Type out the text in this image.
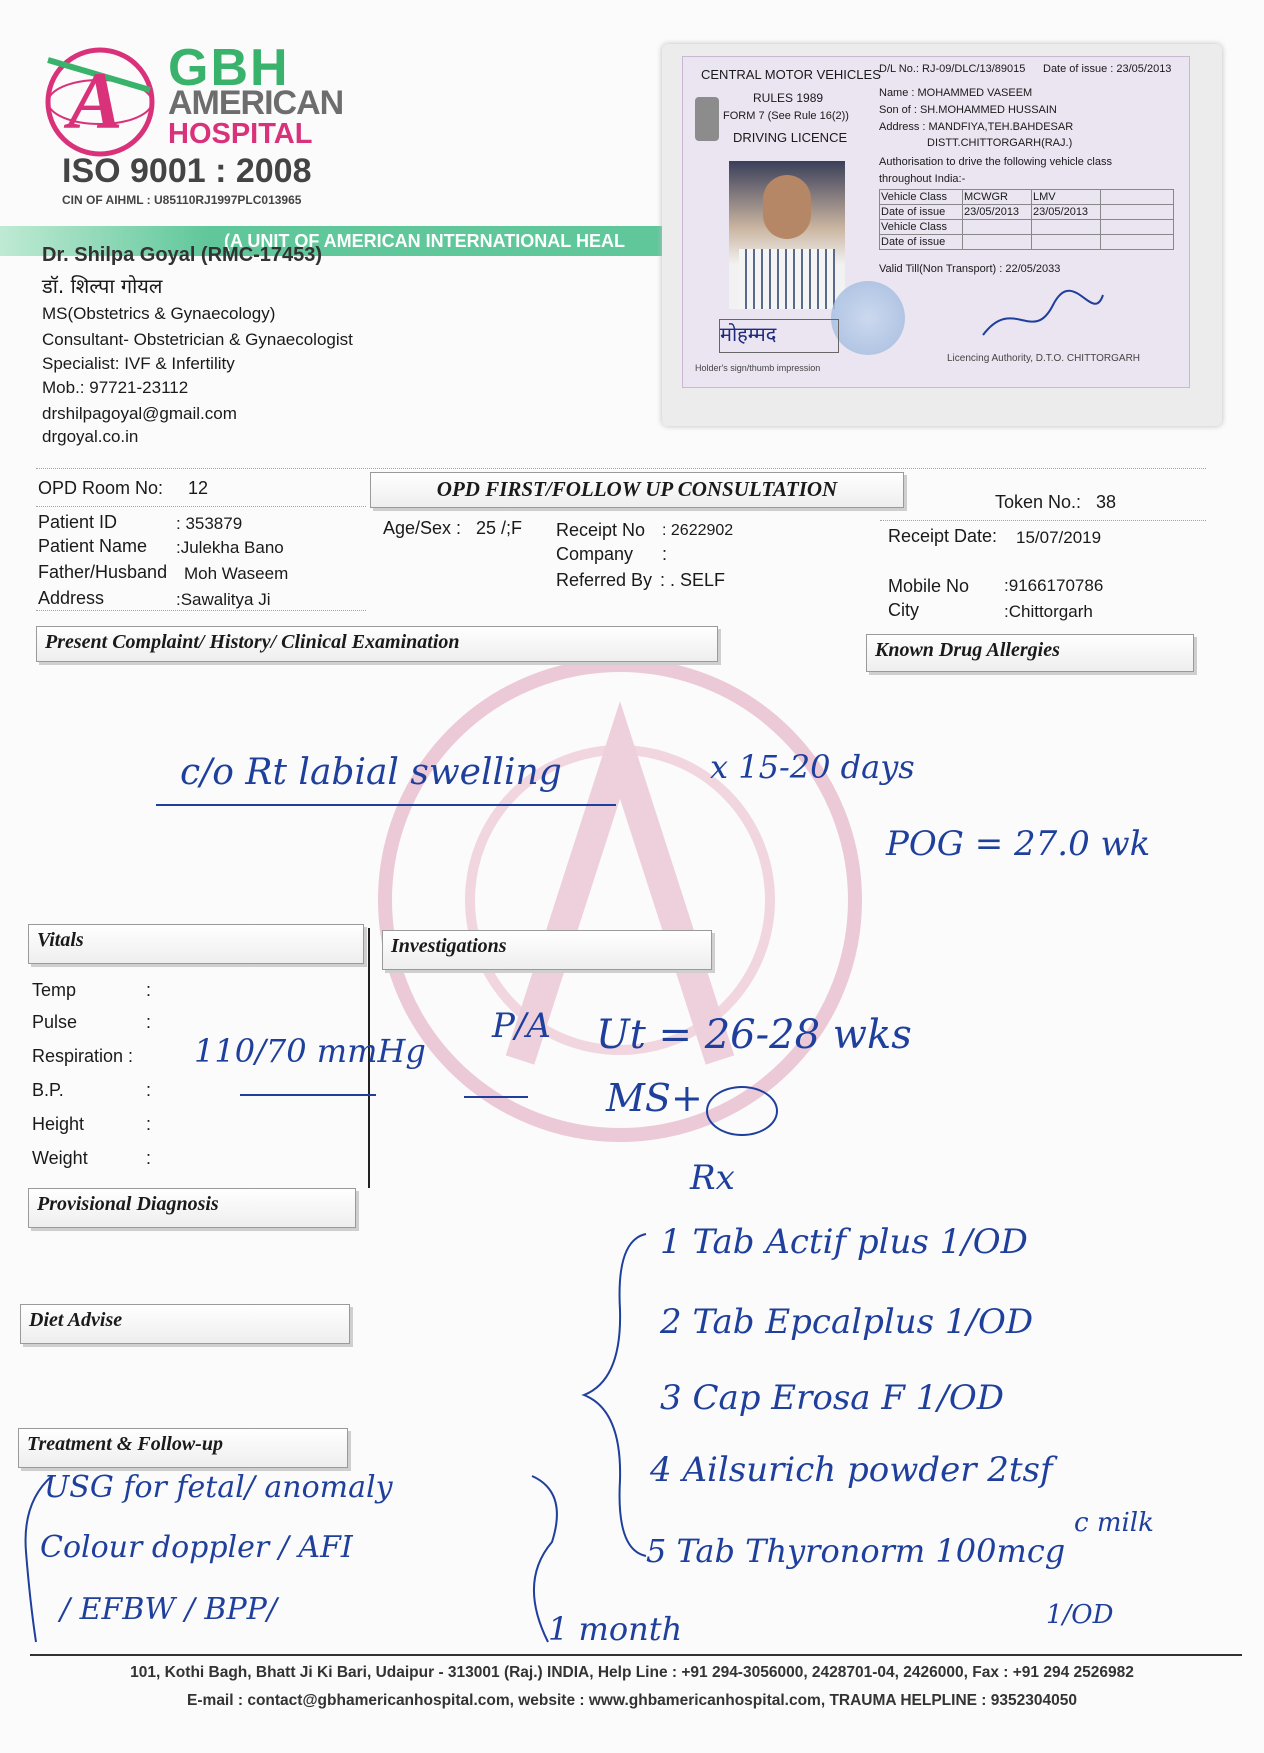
A GBH
AMERICAN
HOSPITAL
ISO 9001 : 2008
CIN OF AIHML : U85110RJ1997PLC013965
(A UNIT OF AMERICAN INTERNATIONAL HEAL
Dr. Shilpa Goyal (RMC-17453)
डॉ. शिल्पा गोयल
MS(Obstetrics & Gynaecology)
Consultant- Obstetrician & Gynaecologist
Specialist: IVF & Infertility
Mob.: 97721-23112
drshilpagoyal@gmail.com
drgoyal.co.in
CENTRAL MOTOR VEHICLES
RULES 1989
FORM 7 (See Rule 16(2))
DRIVING LICENCE
मोहम्मद
Holder's sign/thumb impression
D/L No.: RJ-09/DLC/13/89015 Date of issue : 23/05/2013
Name : MOHAMMED VASEEM
Son of : SH.MOHAMMED HUSSAIN
Address : MANDFIYA,TEH.BAHDESAR
DISTT.CHITTORGARH(RAJ.)
Authorisation to drive the following vehicle class
throughout India:-
Vehicle Class	MCWGR	LMV	
Date of issue	23/05/2013	23/05/2013	
Vehicle Class			
Date of issue			
Valid Till(Non Transport) : 22/05/2033
Licencing Authority, D.T.O. CHITTORGARH
OPD Room No: 12	OPD FIRST/FOLLOW UP CONSULTATION
Token No.: 38
Patient ID	: 353879
Patient Name :Julekha Bano
Father/Husband Moh Waseem
Address	:Sawalitya Ji
Age/Sex : 25 /;F Receipt No : 2622902
Company :
Referred By : . SELF
Receipt Date: 15/07/2019
Mobile No :9166170786
City	:Chittorgarh
Present Complaint/ History/ Clinical Examination	Known Drug Allergies
c/o Rt labial swelling	x 15-20 days
POG = 27.0 wk
Vitals	Investigations
Temp	:
Pulse	:
Respiration :
B.P.	:
Height	:
Weight	:
110/70 mmHg
P/A Ut = 26-28 wks
MS+
Provisional Diagnosis
Diet Advise
Treatment & Follow-up
Rx
1 Tab Actif plus 1/OD
2 Tab Epcalplus 1/OD
3 Cap Erosa F 1/OD
4 Ailsurich powder 2tsf
5 Tab Thyronorm 100mcg
c milk
1/OD
USG for fetal/ anomaly
Colour doppler / AFI
/ EFBW / BPP/
1 month
101, Kothi Bagh, Bhatt Ji Ki Bari, Udaipur - 313001 (Raj.) INDIA, Help Line : +91 294-3056000, 2428701-04, 2426000, Fax : +91 294 2526982
E-mail : contact@gbhamericanhospital.com, website : www.ghbamericanhospital.com, TRAUMA HELPLINE : 9352304050
